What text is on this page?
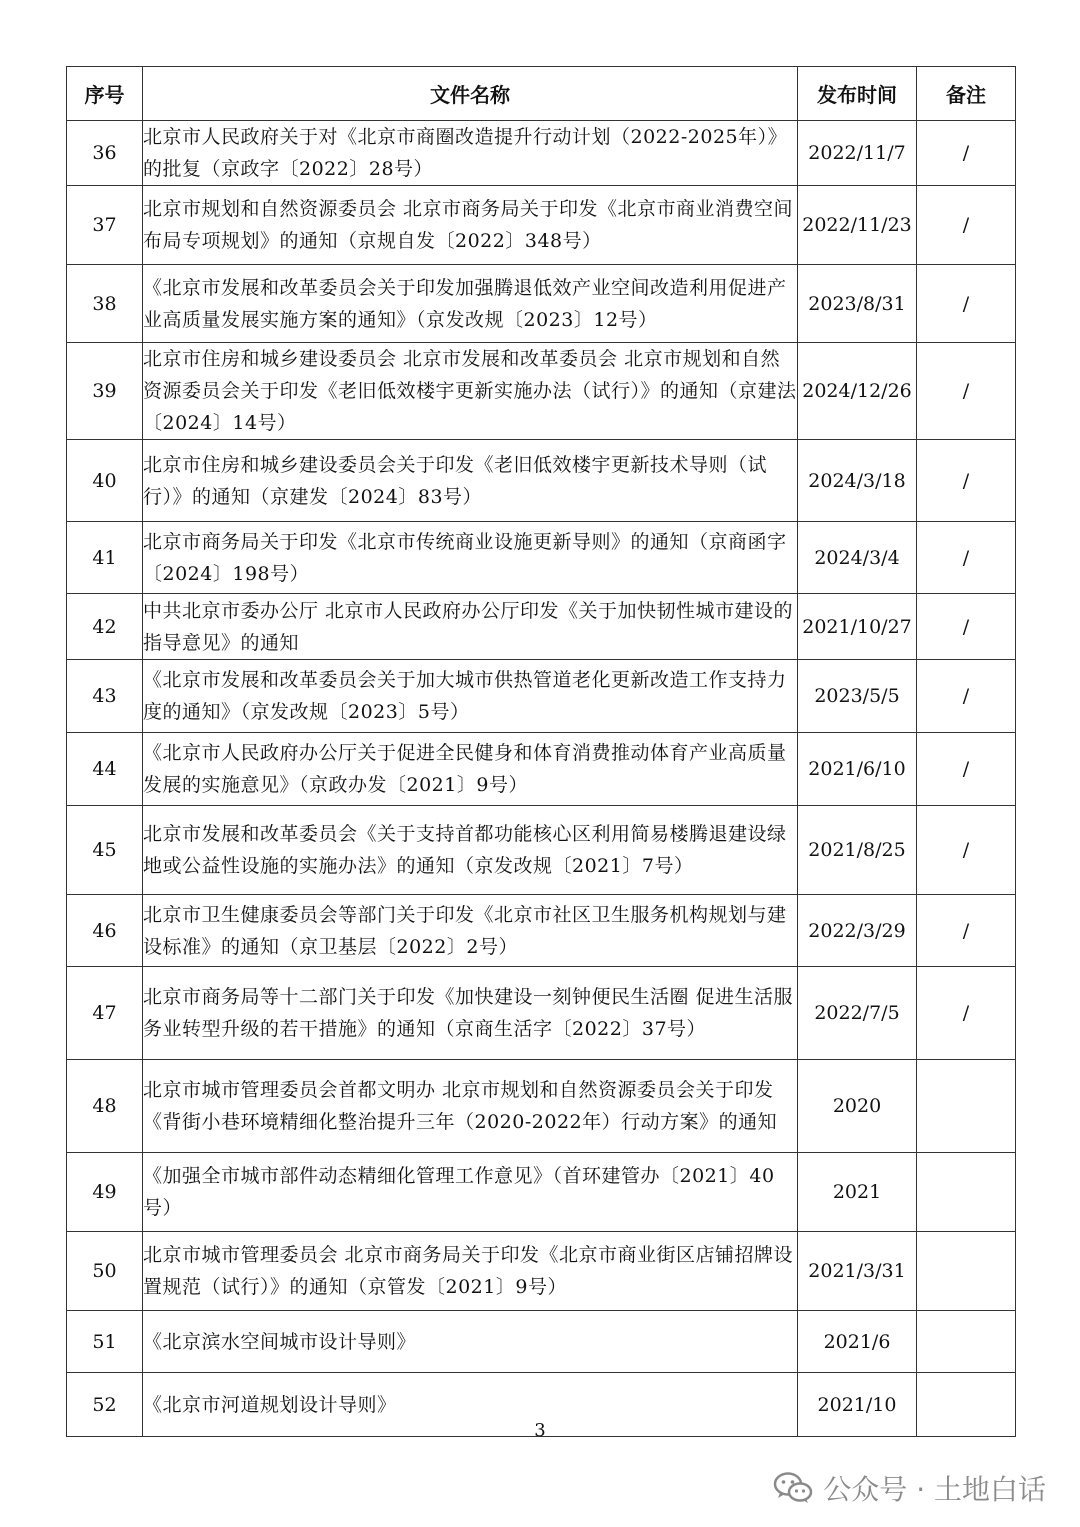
序号	文件名称	发布时间	备注
36	北京市人民政府关于对《北京市商圈改造提升行动计划（2022-2025年）》的批复（京政字〔2022〕28号）	2022/11/7	/
37	北京市规划和自然资源委员会 北京市商务局关于印发《北京市商业消费空间布局专项规划》的通知（京规自发〔2022〕348号）	2022/11/23	/
38	《北京市发展和改革委员会关于印发加强腾退低效产业空间改造利用促进产业高质量发展实施方案的通知》（京发改规〔2023〕12号）	2023/8/31	/
39	北京市住房和城乡建设委员会 北京市发展和改革委员会 北京市规划和自然资源委员会关于印发《老旧低效楼宇更新实施办法（试行）》的通知（京建法〔2024〕14号）	2024/12/26	/
40	北京市住房和城乡建设委员会关于印发《老旧低效楼宇更新技术导则（试行）》的通知（京建发〔2024〕83号）	2024/3/18	/
41	北京市商务局关于印发《北京市传统商业设施更新导则》的通知（京商函字〔2024〕198号）	2024/3/4	/
42	中共北京市委办公厅 北京市人民政府办公厅印发《关于加快韧性城市建设的指导意见》的通知	2021/10/27	/
43	《北京市发展和改革委员会关于加大城市供热管道老化更新改造工作支持力度的通知》（京发改规〔2023〕5号）	2023/5/5	/
44	《北京市人民政府办公厅关于促进全民健身和体育消费推动体育产业高质量发展的实施意见》（京政办发〔2021〕9号）	2021/6/10	/
45	北京市发展和改革委员会《关于支持首都功能核心区利用简易楼腾退建设绿地或公益性设施的实施办法》的通知（京发改规〔2021〕7号）	2021/8/25	/
46	北京市卫生健康委员会等部门关于印发《北京市社区卫生服务机构规划与建设标准》的通知（京卫基层〔2022〕2号）	2022/3/29	/
47	北京市商务局等十二部门关于印发《加快建设一刻钟便民生活圈 促进生活服务业转型升级的若干措施》的通知（京商生活字〔2022〕37号）	2022/7/5	/
48	北京市城市管理委员会首都文明办 北京市规划和自然资源委员会关于印发《背街小巷环境精细化整治提升三年（2020-2022年）行动方案》的通知	2020	
49	《加强全市城市部件动态精细化管理工作意见》（首环建管办〔2021〕40号）	2021	
50	北京市城市管理委员会 北京市商务局关于印发《北京市商业街区店铺招牌设置规范（试行）》的通知（京管发〔2021〕9号）	2021/3/31	
51	《北京滨水空间城市设计导则》	2021/6	
52	《北京市河道规划设计导则》	2021/10	
3
公众号 · 土地白话
